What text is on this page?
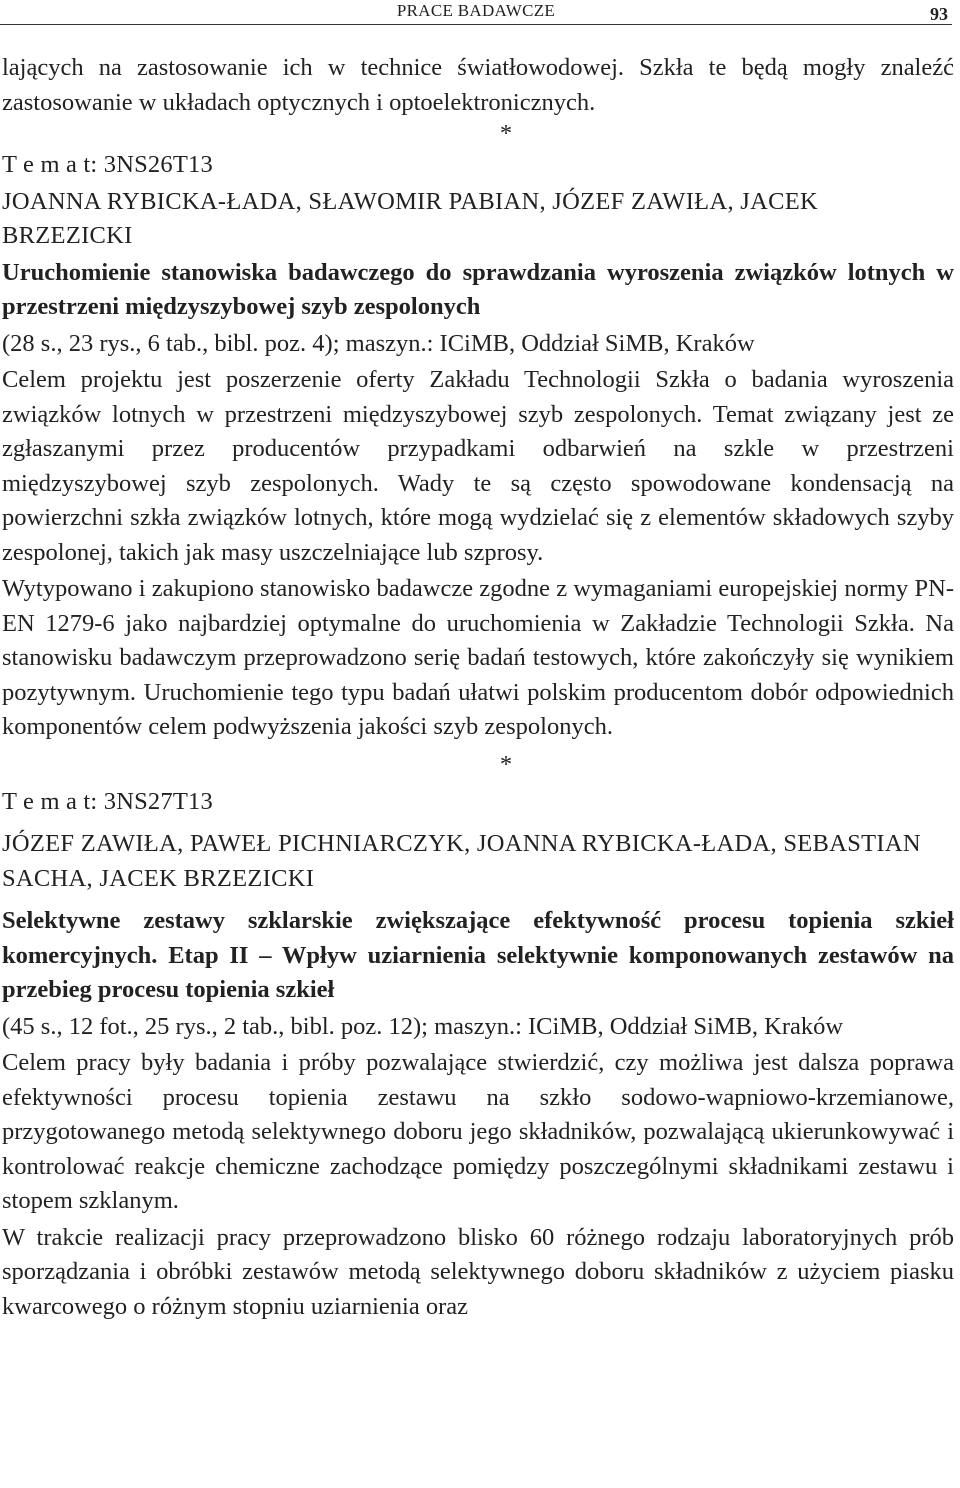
PRACE BADAWCZE	93

lających na zastosowanie ich w technice światłowodowej. Szkła te będą mogły znaleźć zastosowanie w układach optycznych i optoelektronicznych.

*

T e m a t: 3NS26T13

JOANNA RYBICKA-ŁADA, SŁAWOMIR PABIAN, JÓZEF ZAWIŁA, JACEK BRZEZICKI

Uruchomienie stanowiska badawczego do sprawdzania wyroszenia związków lotnych w przestrzeni międzyszybowej szyb zespolonych

(28 s., 23 rys., 6 tab., bibl. poz. 4); maszyn.: ICiMB, Oddział SiMB, Kraków

Celem projektu jest poszerzenie oferty Zakładu Technologii Szkła o badania wyroszenia związków lotnych w przestrzeni międzyszybowej szyb zespolonych. Temat związany jest ze zgłaszanymi przez producentów przypadkami odbarwień na szkle w przestrzeni międzyszybowej szyb zespolonych. Wady te są często spowodowane kondensacją na powierzchni szkła związków lotnych, które mogą wydzielać się z elementów składowych szyby zespolonej, takich jak masy uszczelniające lub szprosy.

Wytypowano i zakupiono stanowisko badawcze zgodne z wymaganiami europejskiej normy PN-EN 1279-6 jako najbardziej optymalne do uruchomienia w Zakładzie Technologii Szkła. Na stanowisku badawczym przeprowadzono serię badań testowych, które zakończyły się wynikiem pozytywnym. Uruchomienie tego typu badań ułatwi polskim producentom dobór odpowiednich komponentów celem podwyższenia jakości szyb zespolonych.

*

T e m a t: 3NS27T13

JÓZEF ZAWIŁA, PAWEŁ PICHNIARCZYK, JOANNA RYBICKA-ŁADA, SEBASTIAN SACHA, JACEK BRZEZICKI

Selektywne zestawy szklarskie zwiększające efektywność procesu topienia szkieł komercyjnych. Etap II – Wpływ uziarnienia selektywnie komponowanych zestawów na przebieg procesu topienia szkieł

(45 s., 12 fot., 25 rys., 2 tab., bibl. poz. 12); maszyn.: ICiMB, Oddział SiMB, Kraków

Celem pracy były badania i próby pozwalające stwierdzić, czy możliwa jest dalsza poprawa efektywności procesu topienia zestawu na szkło sodowo-wapniowo-krzemianowe, przygotowanego metodą selektywnego doboru jego składników, pozwalającą ukierunkowywać i kontrolować reakcje chemiczne zachodzące pomiędzy poszczególnymi składnikami zestawu i stopem szklanym.

W trakcie realizacji pracy przeprowadzono blisko 60 różnego rodzaju laboratoryjnych prób sporządzania i obróbki zestawów metodą selektywnego doboru składników z użyciem piasku kwarcowego o różnym stopniu uziarnienia oraz
